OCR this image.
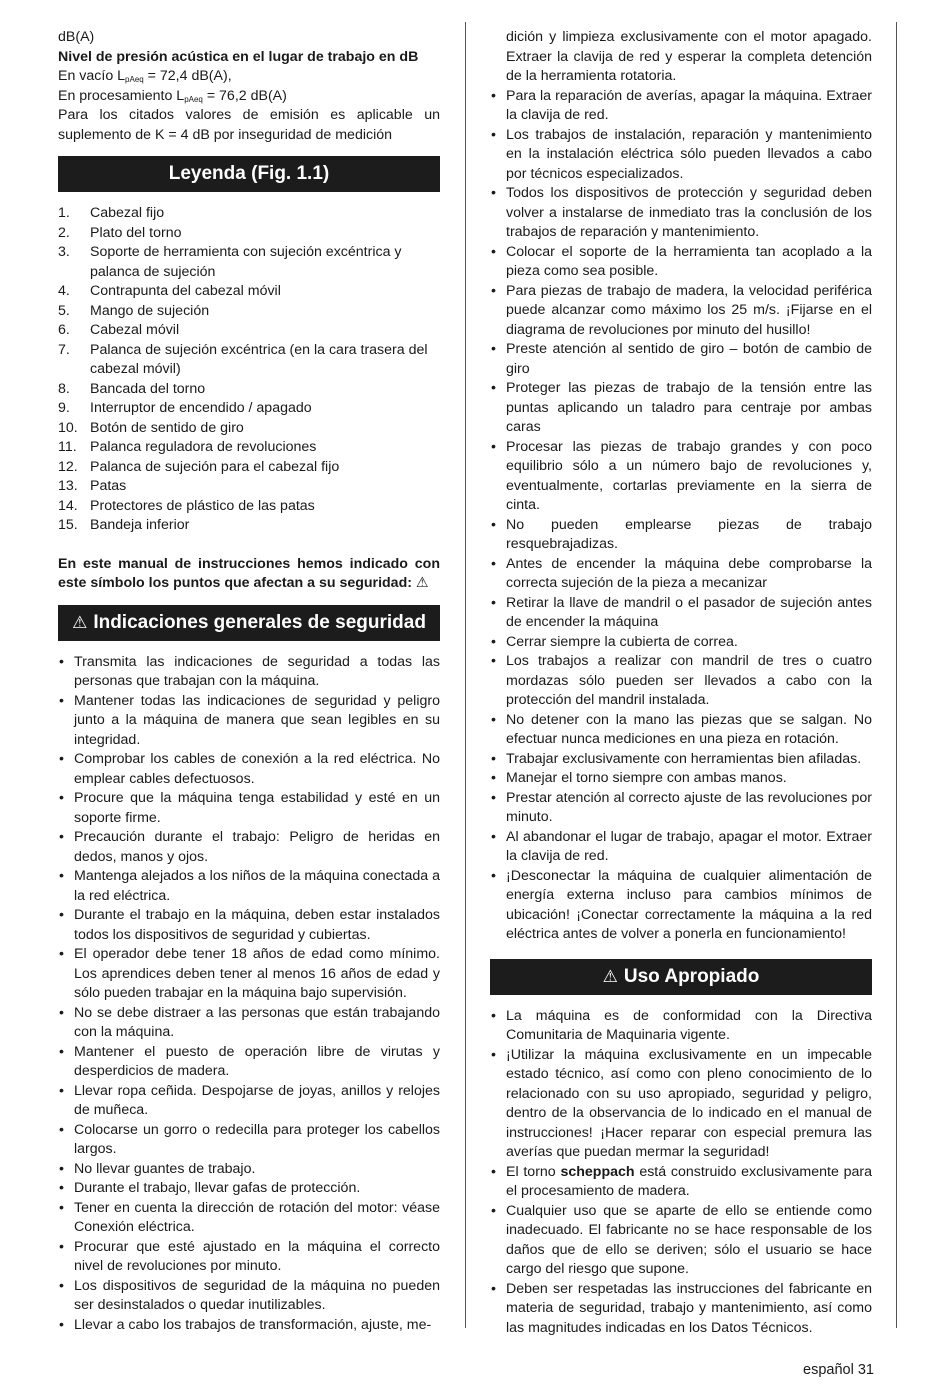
dB(A)

Nivel de presión acústica en el lugar de trabajo en dB

En vacío $L_{pAeq} = 72,4$ dB(A),

En procesamiento $L_{pAeq} = 76,2$ dB(A)

Para los citados valores de emisión es aplicable un suplemento de K = 4 dB por inseguridad de medición

Leyenda (Fig. 1.1)
1. Cabezal fijo
2. Plato del torno
3. Soporte de herramienta con sujeción excéntrica y palanca de sujeción
4. Contrapunta del cabezal móvil
5. Mango de sujeción
6. Cabezal móvil
7. Palanca de sujeción excéntrica (en la cara trasera del cabezal móvil)
8. Bancada del torno
9. Interruptor de encendido / apagado
10. Botón de sentido de giro
11. Palanca reguladora de revoluciones
12. Palanca de sujeción para el cabezal fijo
13. Patas
14. Protectores de plástico de las patas
15. Bandeja inferior

En este manual de instrucciones hemos indicado con este símbolo los puntos que afectan a su seguridad: ⚠

⚠ Indicaciones generales de seguridad
• Transmita las indicaciones de seguridad a todas las personas que trabajan con la máquina.
• Mantener todas las indicaciones de seguridad y peligro junto a la máquina de manera que sean legibles en su integridad.
• Comprobar los cables de conexión a la red eléctrica. No emplear cables defectuosos.
• Procure que la máquina tenga estabilidad y esté en un soporte firme.
• Precaución durante el trabajo: Peligro de heridas en dedos, manos y ojos.
• Mantenga alejados a los niños de la máquina conectada a la red eléctrica.
• Durante el trabajo en la máquina, deben estar instalados todos los dispositivos de seguridad y cubiertas.
• El operador debe tener 18 años de edad como mínimo. Los aprendices deben tener al menos 16 años de edad y sólo pueden trabajar en la máquina bajo supervisión.
• No se debe distraer a las personas que están trabajando con la máquina.
• Mantener el puesto de operación libre de virutas y desperdicios de madera.
• Llevar ropa ceñida. Despojarse de joyas, anillos y relojes de muñeca.
• Colocarse un gorro o redecilla para proteger los cabellos largos.
• No llevar guantes de trabajo.
• Durante el trabajo, llevar gafas de protección.
• Tener en cuenta la dirección de rotación del motor: véase Conexión eléctrica.
• Procurar que esté ajustado en la máquina el correcto nivel de revoluciones por minuto.
• Los dispositivos de seguridad de la máquina no pueden ser desinstalados o quedar inutilizables.
• Llevar a cabo los trabajos de transformación, ajuste, me-

dición y limpieza exclusivamente con el motor apagado. Extraer la clavija de red y esperar la completa detención de la herramienta rotatoria.

• Para la reparación de averías, apagar la máquina. Extraer la clavija de red.
• Los trabajos de instalación, reparación y mantenimiento en la instalación eléctrica sólo pueden llevados a cabo por técnicos especializados.
• Todos los dispositivos de protección y seguridad deben volver a instalarse de inmediato tras la conclusión de los trabajos de reparación y mantenimiento.
• Colocar el soporte de la herramienta tan acoplado a la pieza como sea posible.
• Para piezas de trabajo de madera, la velocidad periférica puede alcanzar como máximo los 25 m/s. ¡Fijarse en el diagrama de revoluciones por minuto del husillo!
• Preste atención al sentido de giro – botón de cambio de giro
• Proteger las piezas de trabajo de la tensión entre las puntas aplicando un taladro para centraje por ambas caras
• Procesar las piezas de trabajo grandes y con poco equilibrio sólo a un número bajo de revoluciones y, eventualmente, cortarlas previamente en la sierra de cinta.
• No pueden emplearse piezas de trabajo resquebrajadizas.
• Antes de encender la máquina debe comprobarse la correcta sujeción de la pieza a mecanizar
• Retirar la llave de mandril o el pasador de sujeción antes de encender la máquina
• Cerrar siempre la cubierta de correa.
• Los trabajos a realizar con mandril de tres o cuatro mordazas sólo pueden ser llevados a cabo con la protección del mandril instalada.
• No detener con la mano las piezas que se salgan. No efectuar nunca mediciones en una pieza en rotación.
• Trabajar exclusivamente con herramientas bien afiladas.
• Manejar el torno siempre con ambas manos.
• Prestar atención al correcto ajuste de las revoluciones por minuto.
• Al abandonar el lugar de trabajo, apagar el motor. Extraer la clavija de red.
• ¡Desconectar la máquina de cualquier alimentación de energía externa incluso para cambios mínimos de ubicación! ¡Conectar correctamente la máquina a la red eléctrica antes de volver a ponerla en funcionamiento!
⚠ Uso Apropiado
• La máquina es de conformidad con la Directiva Comunitaria de Maquinaria vigente.
• ¡Utilizar la máquina exclusivamente en un impecable estado técnico, así como con pleno conocimiento de lo relacionado con su uso apropiado, seguridad y peligro, dentro de la observancia de lo indicado en el manual de instrucciones! ¡Hacer reparar con especial premura las averías que puedan mermar la seguridad!
• El torno scheppach está construido exclusivamente para el procesamiento de madera.
• Cualquier uso que se aparte de ello se entiende como inadecuado. El fabricante no se hace responsable de los daños que de ello se deriven; sólo el usuario se hace cargo del riesgo que supone.
• Deben ser respetadas las instrucciones del fabricante en materia de seguridad, trabajo y mantenimiento, así como las magnitudes indicadas en los Datos Técnicos.
español 31
